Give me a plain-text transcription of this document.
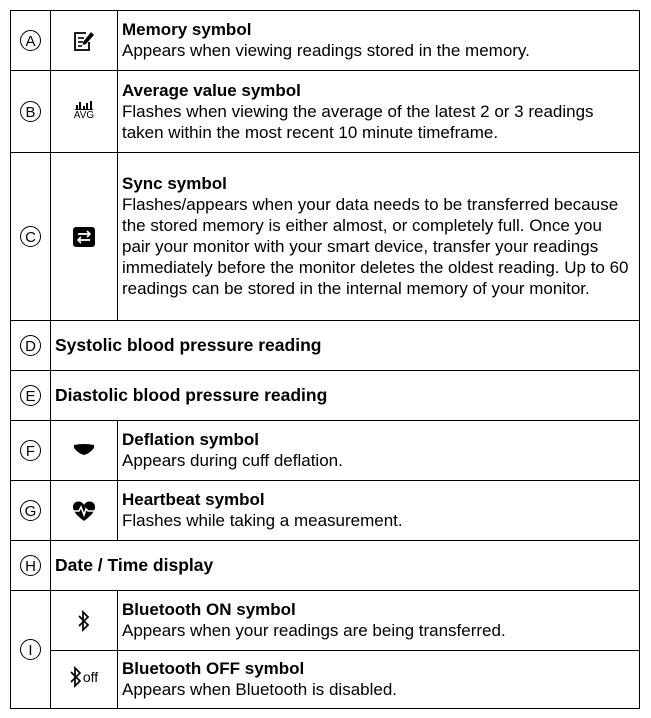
A		Memory symbol
Appears when viewing readings stored in the memory.

B	AVG	Average value symbol
Flashes when viewing the average of the latest 2 or 3 readings taken within the most recent 10 minute timeframe.

C		Sync symbol
Flashes/appears when your data needs to be transferred because the stored memory is either almost, or completely full. Once you pair your monitor with your smart device, transfer your readings immediately before the monitor deletes the oldest reading. Up to 60 readings can be stored in the internal memory of your monitor.

D	Systolic blood pressure reading	
E	Diastolic blood pressure reading	
F		Deflation symbol
Appears during cuff deflation.

G		Heartbeat symbol
Flashes while taking a measurement.

H	Date / Time display	
I		Bluetooth ON symbol
Appears when your readings are being transferred.

	off	Bluetooth OFF symbol
Appears when Bluetooth is disabled.
